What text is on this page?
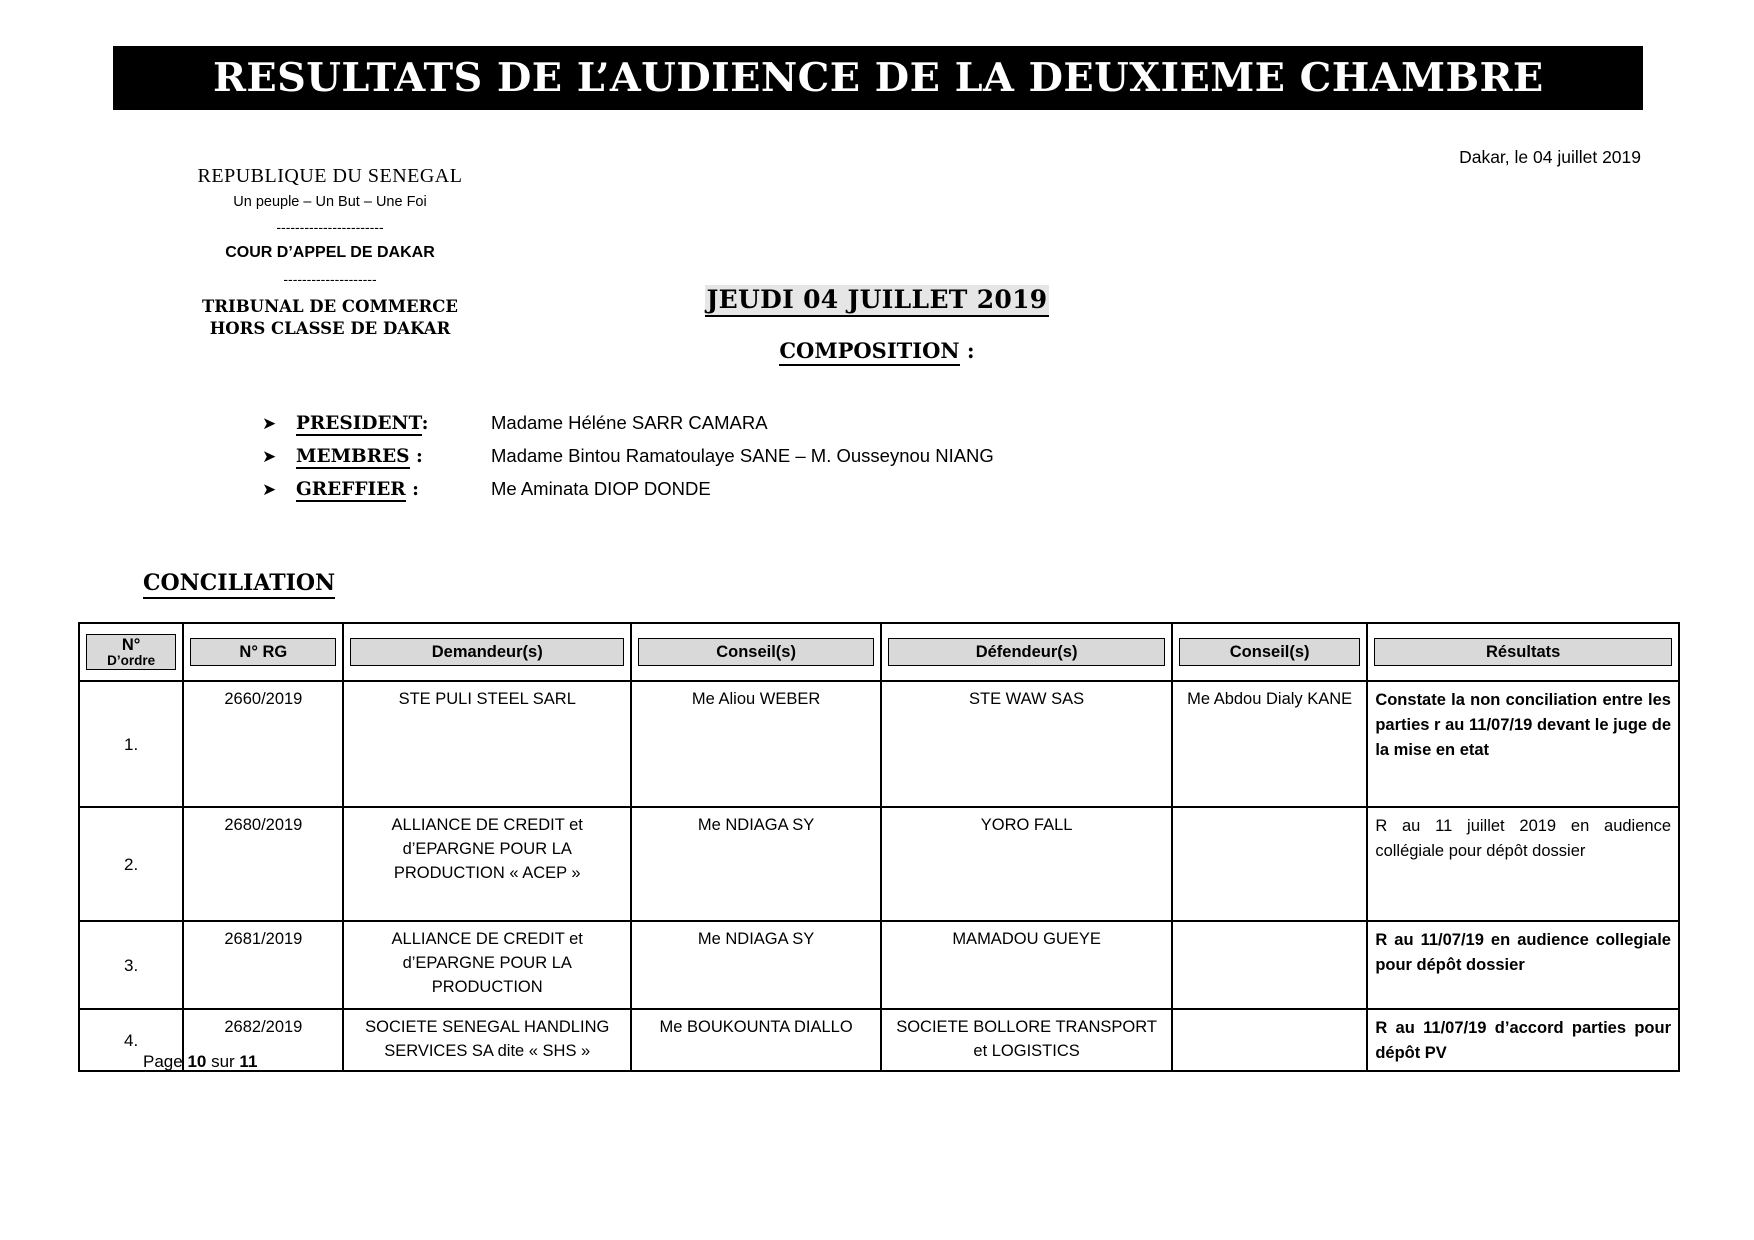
RESULTATS DE L’AUDIENCE DE LA DEUXIEME CHAMBRE
REPUBLIQUE DU SENEGAL
Un peuple – Un But – Une Foi
-----------------------
COUR D’APPEL DE DAKAR
--------------------
TRIBUNAL DE COMMERCE
HORS CLASSE DE DAKAR
Dakar, le 04 juillet 2019
JEUDI 04 JUILLET 2019
COMPOSITION :
➤	PRESIDENT:	Madame Héléne SARR CAMARA
➤	MEMBRES :	Madame Bintou Ramatoulaye SANE – M. Ousseynou NIANG
➤	GREFFIER :	Me Aminata DIOP DONDE
CONCILIATION
N°
D’ordre	N° RG	Demandeur(s)	Conseil(s)	Défendeur(s)	Conseil(s)	Résultats

1.	2660/2019	STE PULI STEEL SARL	Me Aliou WEBER	STE WAW SAS	Me Abdou Dialy KANE	Constate la non conciliation entre les parties r au 11/07/19 devant le juge de la mise en etat
2.	2680/2019	ALLIANCE DE CREDIT et d’EPARGNE POUR LA PRODUCTION « ACEP »	Me NDIAGA SY	YORO FALL		R au 11 juillet 2019 en audience collégiale pour dépôt dossier
3.	2681/2019	ALLIANCE DE CREDIT et d’EPARGNE POUR LA PRODUCTION	Me NDIAGA SY	MAMADOU GUEYE		R au 11/07/19 en audience collegiale pour dépôt dossier
4.	2682/2019	SOCIETE SENEGAL HANDLING SERVICES SA dite « SHS »	Me BOUKOUNTA DIALLO	SOCIETE BOLLORE TRANSPORT et LOGISTICS		R au 11/07/19 d’accord parties pour dépôt PV
Page 10 sur 11
